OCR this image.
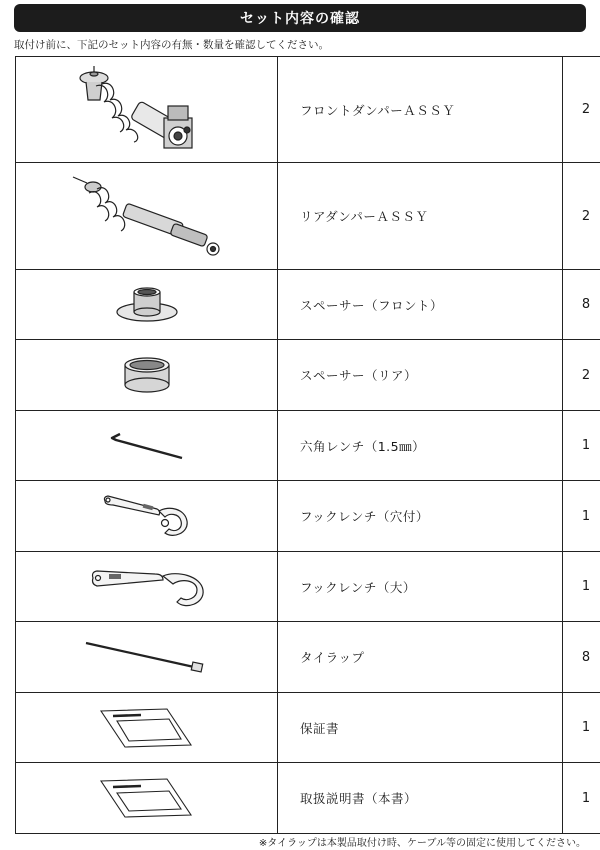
セット内容の確認
取付け前に、下記のセット内容の有無・数量を確認してください。
	フロントダンパーＡＳＳＹ	2

	リアダンパーＡＳＳＹ	2

	スペーサー（フロント）	8

	スペーサー（リア）	2

	六角レンチ（1.5㎜）	1

	フックレンチ（穴付）	1

	フックレンチ（大）	1

	タイラップ	8

	保証書	1

	取扱説明書（本書）	1
※タイラップは本製品取付け時、ケーブル等の固定に使用してください。
